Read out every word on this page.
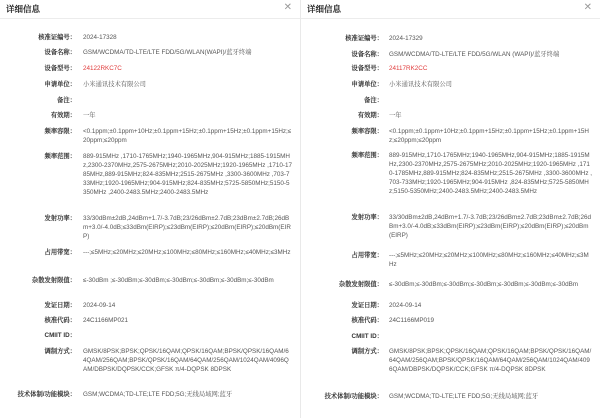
详细信息	✕
核准证编号： 2024-17328
设备名称： GSM/WCDMA/TD-LTE/LTE FDD/5G/WLAN(WAPI)/蓝牙终端
设备型号： 24122RKC7C
申请单位： 小米通讯技术有限公司
备注：
有效期： 一年
频率容限： <0.1ppm;±0.1ppm+10Hz;±0.1ppm+15Hz;±0.1ppm+15Hz;±0.1ppm+15Hz;≤20ppm;≤20ppm
频率范围： 889-915MHz ,1710-1765MHz;1940-1965MHz,904-915MHz;1885-1915MHz,2300-2370MHz,2575-2675MHz;2010-2025MHz;1920-1965MHz ,1710-1785MHz,889-915MHz;824-835MHz;2515-2675MHz ,3300-3600MHz ,703-733MHz;1920-1965MHz;904-915MHz;824-835MHz;5725-5850MHz;5150-5350MHz ,2400-2483.5MHz;2400-2483.5MHz
发射功率： 33/30dBm±2dB,24dBm+1.7/-3.7dB;23/26dBm±2.7dB;23dBm±2.7dB;26dBm+3.0/-4.0dB;≤33dBm(EIRP);≤23dBm(EIRP);≤20dBm(EIRP);≤20dBm(EIRP)
占用带宽： ---;≤5MHz;≤20MHz;≤20MHz;≤100MHz;≤80MHz;≤160MHz;≤40MHz;≤3MHz
杂散发射限值： ≤-30dBm ;≤-30dBm;≤-30dBm;≤-30dBm;≤-30dBm;≤-30dBm;≤-30dBm
发证日期： 2024-09-14
核准代码： 24C1166MP021
CMIIT ID：
调制方式： GMSK/8PSK;BPSK;QPSK/16QAM;QPSK/16QAM;BPSK/QPSK/16QAM/64QAM/256QAM;BPSK/QPSK/16QAM/64QAM/256QAM/1024QAM/4096QAM/DBPSK/DQPSK/CCK;GFSK π/4-DQPSK 8DPSK
技术体制/功能模块： GSM;WCDMA;TD-LTE;LTE FDD;5G;无线局域网;蓝牙
详细信息	✕
核准证编号： 2024-17329
设备名称： GSM/WCDMA/TD-LTE/LTE FDD/5G/WLAN (WAPI)/蓝牙终端
设备型号： 24117RK2CC
申请单位： 小米通讯技术有限公司
备注：
有效期： 一年
频率容限： <0.1ppm;±0.1ppm+10Hz;±0.1ppm+15Hz;±0.1ppm+15Hz;±0.1ppm+15Hz;≤20ppm;≤20ppm
频率范围： 889-915MHz,1710-1765MHz;1940-1965MHz,904-915MHz;1885-1915MHz,2300-2370MHz,2575-2675MHz;2010-2025MHz;1920-1965MHz ,1710-1785MHz,889-915MHz;824-835MHz;2515-2675MHz ,3300-3600MHz ,703-733MHz;1920-1965MHz;904-915MHz ,824-835MHz;5725-5850MHz;5150-5350MHz;2400-2483.5MHz;2400-2483.5MHz
发射功率： 33/30dBm±2dB,24dBm+1.7/-3.7dB;23/26dBm±2.7dB;23dBm±2.7dB;26dBm+3.0/-4.0dB;≤33dBm(EIRP);≤23dBm(EIRP);≤20dBm(EIRP);≤20dBm(EIRP)
占用带宽： ---;≤5MHz;≤20MHz;≤20MHz;≤100MHz;≤80MHz;≤160MHz;≤40MHz;≤3MHz
杂散发射限值： ≤-30dBm;≤-30dBm;≤-30dBm;≤-30dBm;≤-30dBm;≤-30dBm;≤-30dBm
发证日期： 2024-09-14
核准代码： 24C1166MP019
CMIIT ID：
调制方式： GMSK/8PSK;BPSK;QPSK/16QAM;QPSK/16QAM;BPSK/QPSK/16QAM/64QAM/256QAM;BPSK/QPSK/16QAM/64QAM/256QAM/1024QAM/4096QAM/DBPSK/DQPSK/CCK;GFSK π/4-DQPSK 8DPSK
技术体制/功能模块： GSM;WCDMA;TD-LTE;LTE FDD;5G;无线局域网;蓝牙
